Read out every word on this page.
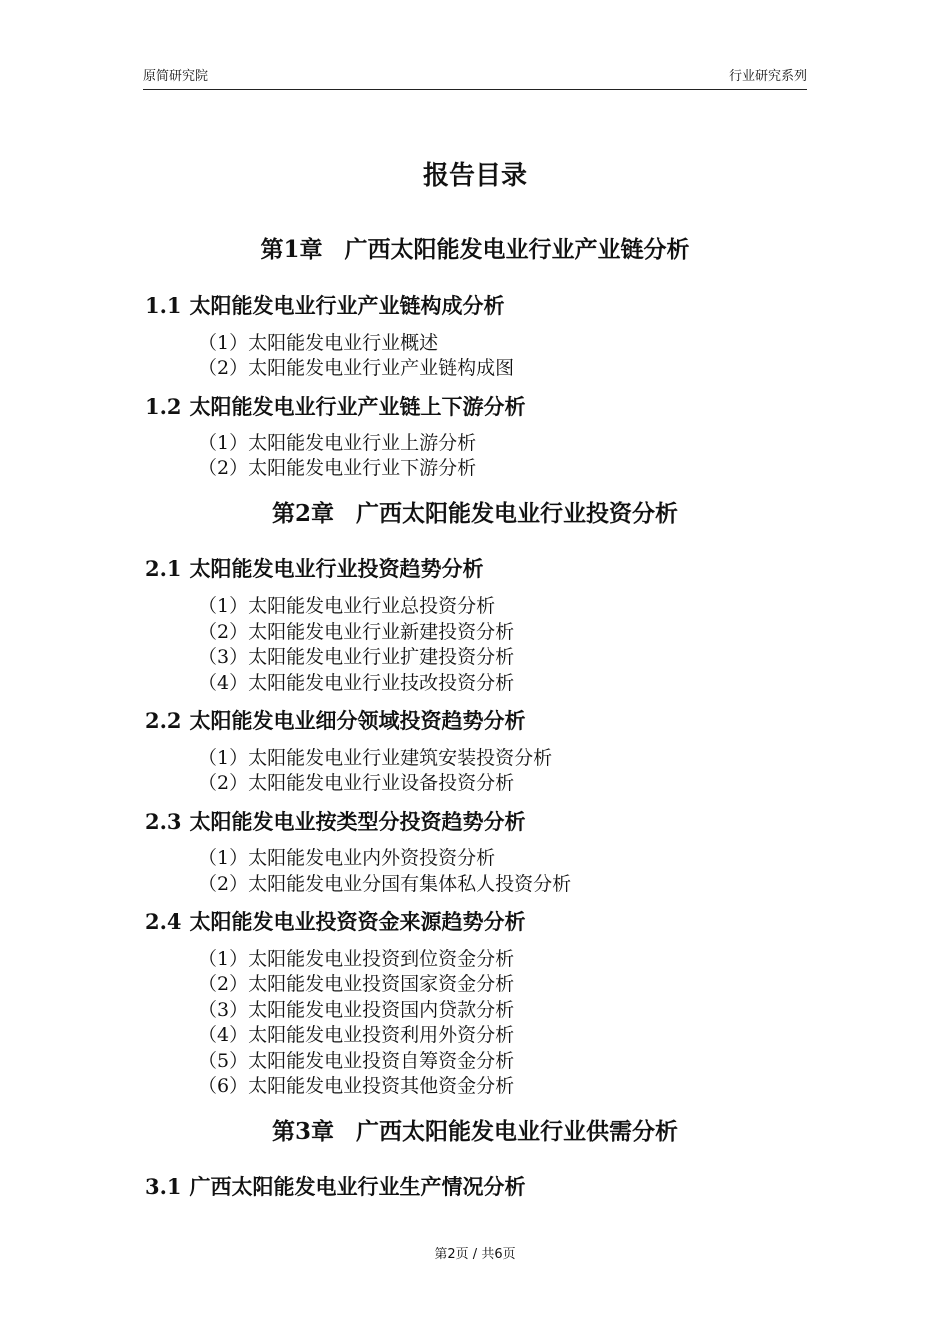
原简研究院	行业研究系列
报告目录
第1章 广西太阳能发电业行业产业链分析
1.1 太阳能发电业行业产业链构成分析
（1）太阳能发电业行业概述
（2）太阳能发电业行业产业链构成图
1.2 太阳能发电业行业产业链上下游分析
（1）太阳能发电业行业上游分析
（2）太阳能发电业行业下游分析
第2章 广西太阳能发电业行业投资分析
2.1 太阳能发电业行业投资趋势分析
（1）太阳能发电业行业总投资分析
（2）太阳能发电业行业新建投资分析
（3）太阳能发电业行业扩建投资分析
（4）太阳能发电业行业技改投资分析
2.2 太阳能发电业细分领域投资趋势分析
（1）太阳能发电业行业建筑安装投资分析
（2）太阳能发电业行业设备投资分析
2.3 太阳能发电业按类型分投资趋势分析
（1）太阳能发电业内外资投资分析
（2）太阳能发电业分国有集体私人投资分析
2.4 太阳能发电业投资资金来源趋势分析
（1）太阳能发电业投资到位资金分析
（2）太阳能发电业投资国家资金分析
（3）太阳能发电业投资国内贷款分析
（4）太阳能发电业投资利用外资分析
（5）太阳能发电业投资自筹资金分析
（6）太阳能发电业投资其他资金分析
第3章 广西太阳能发电业行业供需分析
3.1 广西太阳能发电业行业生产情况分析
第2页 / 共6页
